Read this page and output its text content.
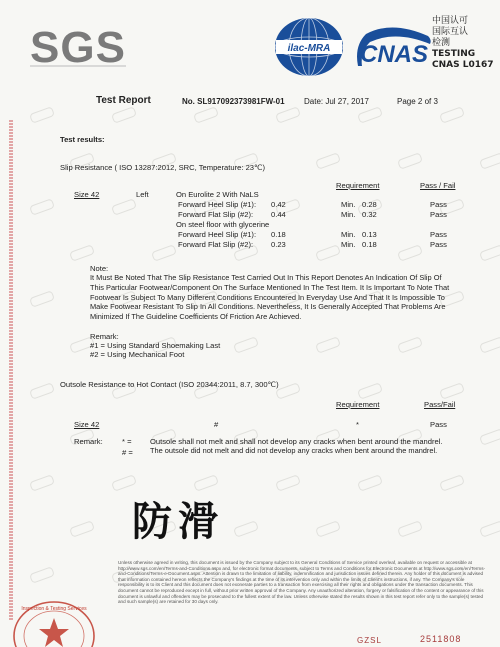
SGS	ilac-MRA CNAS
中国认可
国际互认
检测
TESTING
CNAS L0167
Test Report	No. SL917092373981FW-01 Date: Jul 27, 2017	Page 2 of 3
Test results:
Slip Resistance ( ISO 13287:2012, SRC, Temperature: 23℃)
Requirement	Pass / Fail
Size 42	Left	On Eurolite 2 With NaLS
Forward Heel Slip (#1): 0.42	Min. 0.28	Pass
Forward Flat Slip (#2): 0.44	Min. 0.32	Pass
On steel floor with glycerine
Forward Heel Slip (#1): 0.18	Min. 0.13	Pass
Forward Flat Slip (#2): 0.23	Min. 0.18	Pass
Note:
It Must Be Noted That The Slip Resistance Test Carried Out In This Report Denotes An Indication Of Slip Of This Particular Footwear/Component On The Surface Mentioned In The Test Item. It Is Important To Note That Footwear Is Subject To Many Different Conditions Encountered In Everyday Use And That It Is Impossible To Make Footwear Resistant To Slip In All Conditions. Nevertheless, It Is Generally Accepted That Problems Are Minimized If The Guideline Coefficients Of Friction Are Achieved.
Remark:
#1 = Using Standard Shoemaking Last
#2 = Using Mechanical Foot
Outsole Resistance to Hot Contact (ISO 20344:2011, 8.7, 300℃)
Requirement	Pass/Fail
Size 42	#	*	Pass
Remark:	* = Outsole shall not melt and shall not develop any cracks when bent around the mandrel.
# = The outsole did not melt and did not develop any cracks when bent around the mandrel.
防滑
Unless otherwise agreed in writing, this document is issued by the Company subject to its General Conditions of Service printed overleaf, available on request or accessible at http://www.sgs.com/en/Terms-and-Conditions.aspx and, for electronic format documents, subject to Terms and Conditions for Electronic Documents at http://www.sgs.com/en/Terms-and-Conditions/Terms-e-Document.aspx. Attention is drawn to the limitation of liability, indemnification and jurisdiction issues defined therein. Any holder of this document is advised that information contained hereon reflects the Company's findings at the time of its intervention only and within the limits of Client's instructions, if any. The Company's sole responsibility is to its Client and this document does not exonerate parties to a transaction from exercising all their rights and obligations under the transaction documents. This document cannot be reproduced except in full, without prior written approval of the Company. Any unauthorized alteration, forgery or falsification of the content or appearance of this document is unlawful and offenders may be prosecuted to the fullest extent of the law. Unless otherwise stated the results shown in this test report refer only to the sample(s) tested and such sample(s) are retained for 30 days only.
Inspection & Testing Services
GZSL	2511808
